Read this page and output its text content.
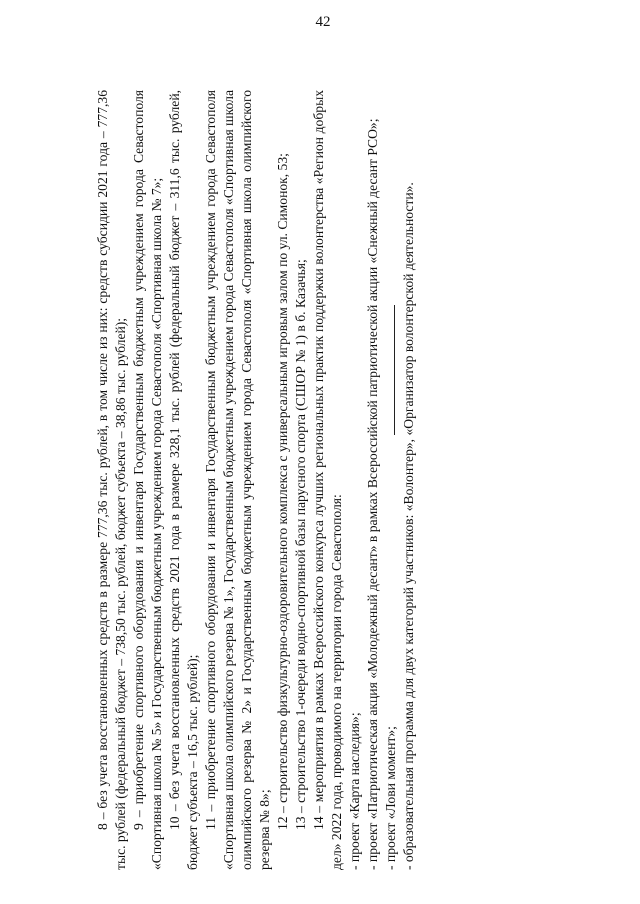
42

8 – без учета восстановленных средств в размере 777,36 тыс. рублей, в том числе из них: средств субсидии 2021 года – 777,36 тыс. рублей (федеральный бюджет – 738,50 тыс. рублей, бюджет субъекта – 38,86 тыс. рублей); 9 – приобретение спортивного оборудования и инвентаря Государственным бюджетным учреждением города Севастополя «Спортивная школа № 5» и Государственным бюджетным учреждением города Севастополя «Спортивная школа № 7»; 10 – без учета восстановленных средств 2021 года в размере 328,1 тыс. рублей (федеральный бюджет – 311,6 тыс. рублей, бюджет субъекта – 16,5 тыс. рублей); 11 – приобретение спортивного оборудования и инвентаря Государственным бюджетным учреждением города Севастополя «Спортивная школа олимпийского резерва № 1», Государственным бюджетным учреждением города Севастополя «Спортивная школа олимпийского резерва № 2» и Государственным бюджетным учреждением города Севастополя «Спортивная школа олимпийского резерва № 8»; 12 – строительство физкультурно-оздоровительного комплекса с универсальным игровым залом по ул. Симонок, 53; 13 – строительство 1-очереди водно-спортивной базы парусного спорта (СШОР № 1) в б. Казачья; 14 – мероприятия в рамках Всероссийского конкурса лучших региональных практик поддержки волонтерства «Регион добрых дел» 2022 года, проводимого на территории города Севастополя: - проект «Карта наследия»; - проект «Патриотическая акция «Молодежный десант» в рамках Всероссийской патриотической акции «Снежный десант РСО»; - проект «Лови момент»; - образовательная программа для двух категорий участников: «Волонтер», «Организатор волонтерской деятельности».
